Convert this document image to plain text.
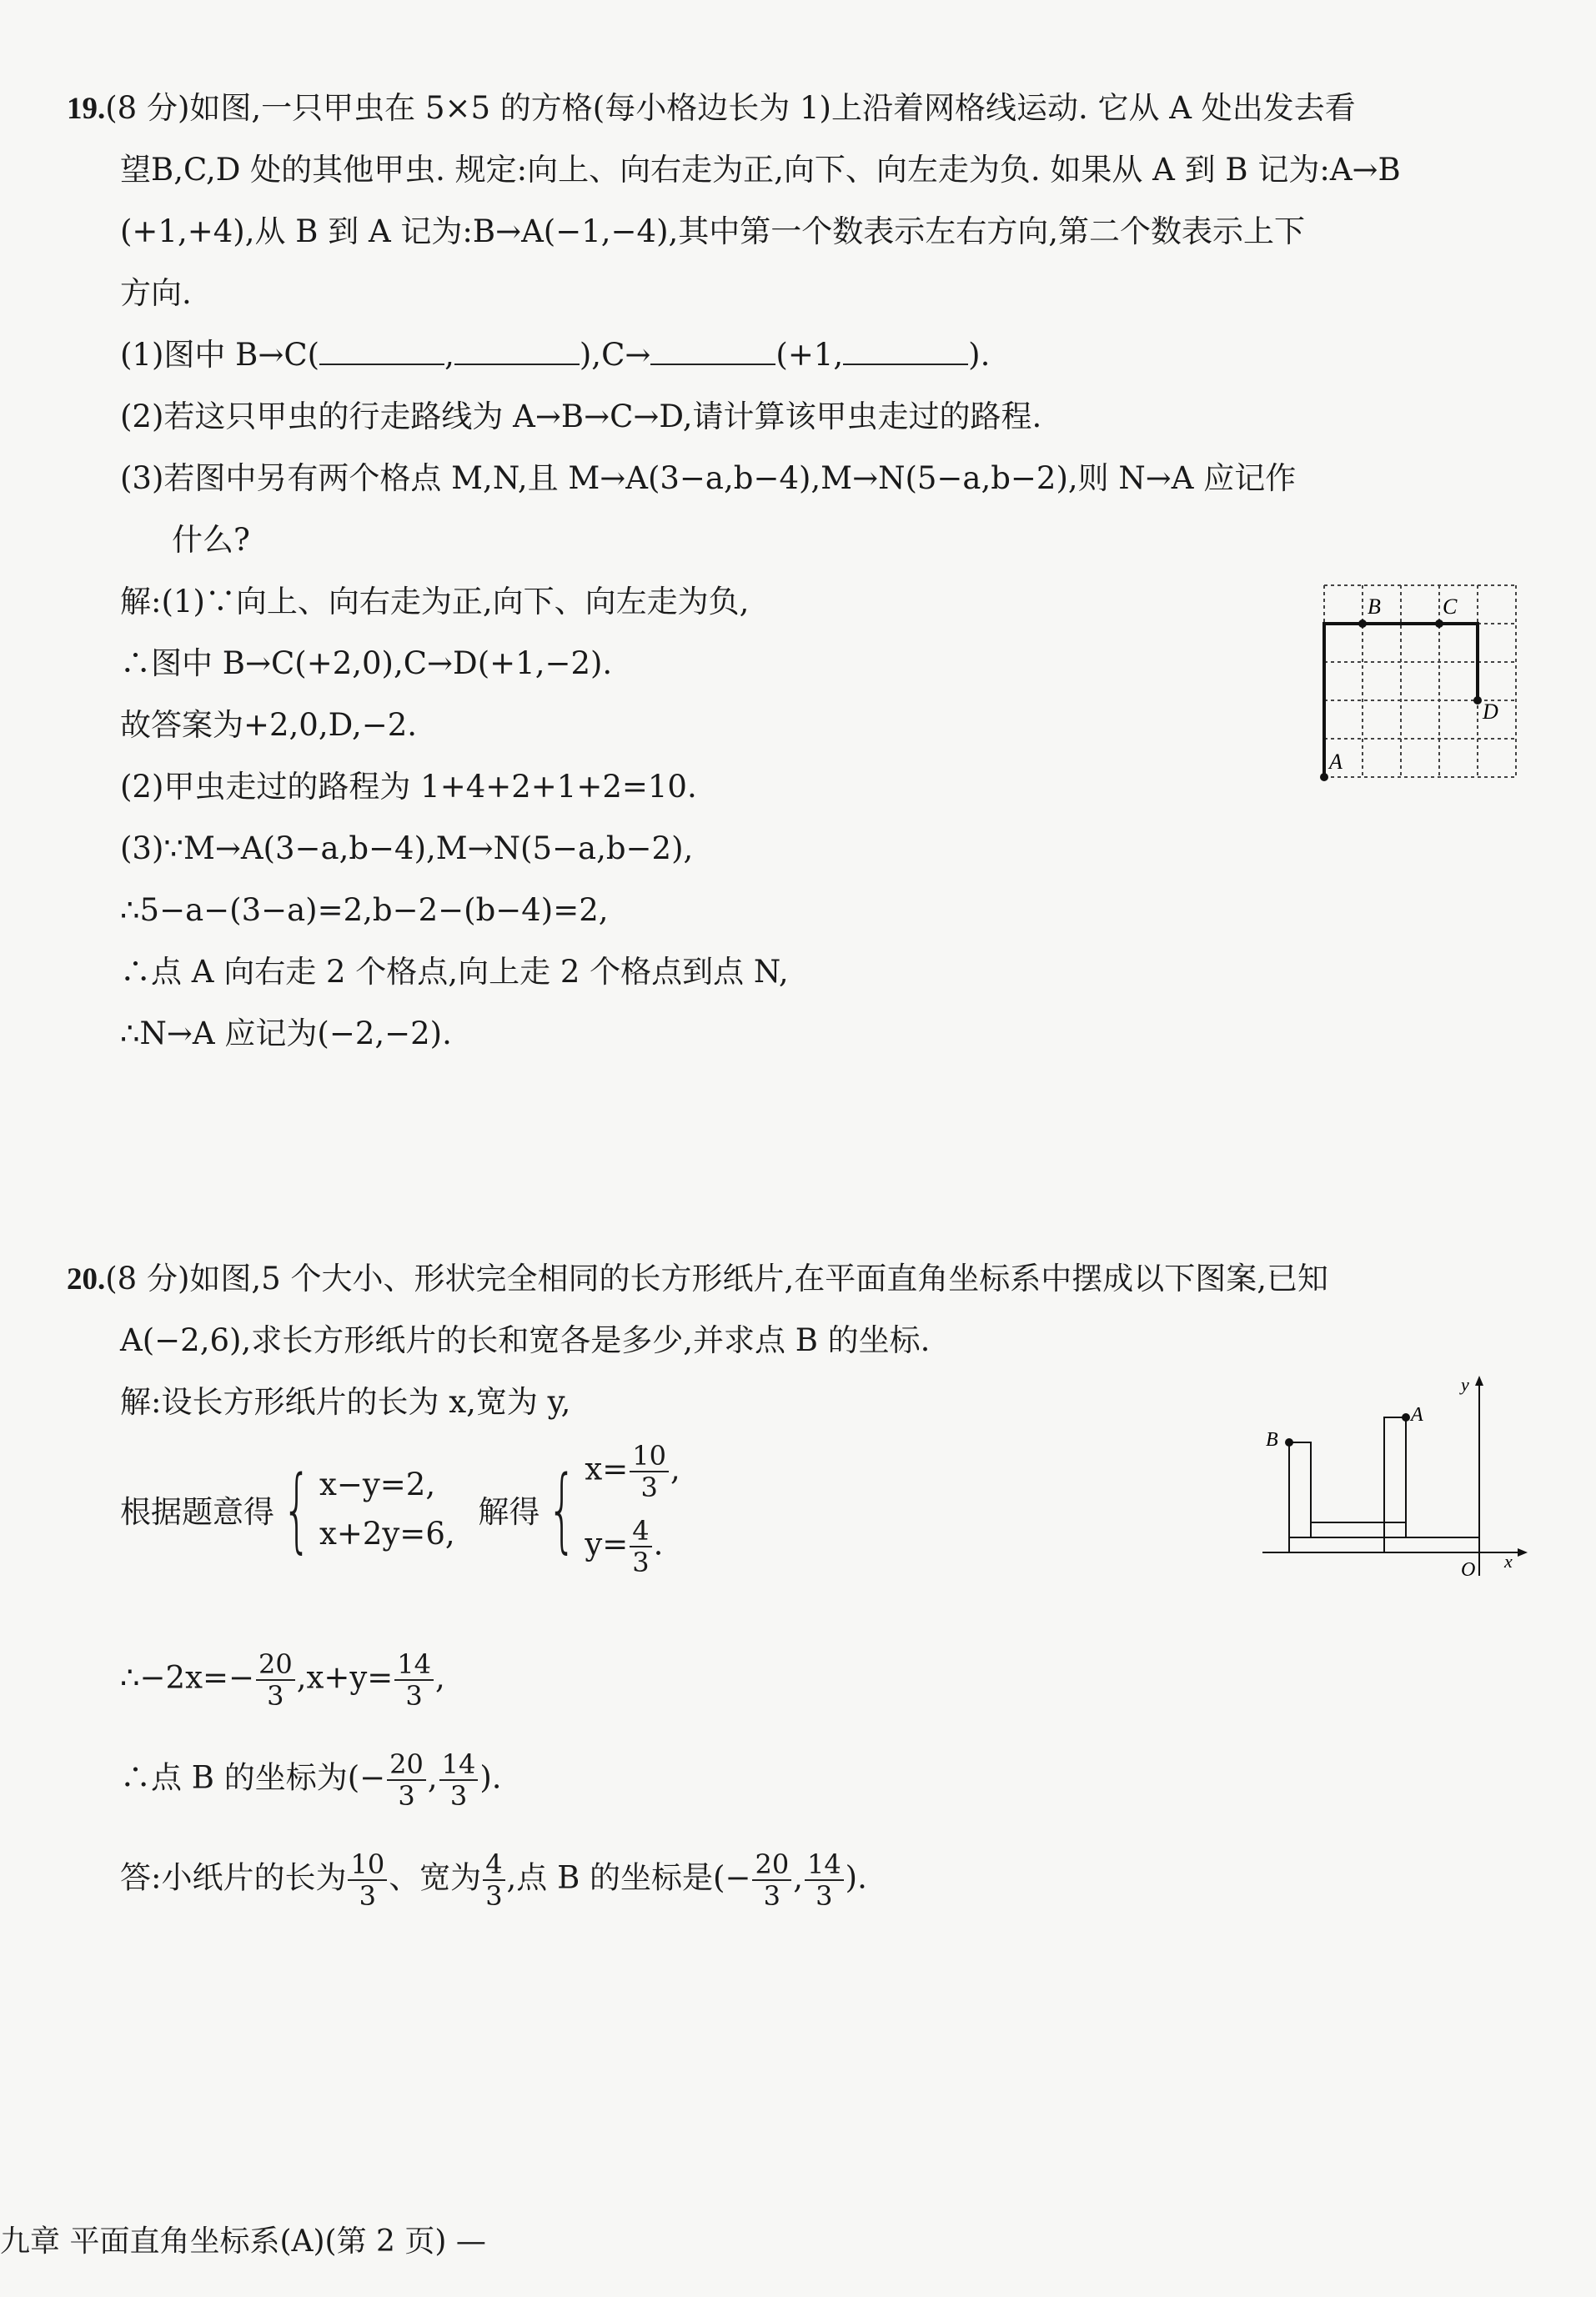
19.(8 分)如图,一只甲虫在 5×5 的方格(每小格边长为 1)上沿着网格线运动. 它从 A 处出发去看
望B,C,D 处的其他甲虫. 规定:向上、向右走为正,向下、向左走为负. 如果从 A 到 B 记为:A→B
(+1,+4),从 B 到 A 记为:B→A(−1,−4),其中第一个数表示左右方向,第二个数表示上下
方向.
(1)图中 B→C(	,	),C→	(+1,	).
(2)若这只甲虫的行走路线为 A→B→C→D,请计算该甲虫走过的路程.
(3)若图中另有两个格点 M,N,且 M→A(3−a,b−4),M→N(5−a,b−2),则 N→A 应记作
什么?
解:(1)∵向上、向右走为正,向下、向左走为负,
∴图中 B→C(+2,0),C→D(+1,−2).
故答案为+2,0,D,−2.
(2)甲虫走过的路程为 1+4+2+1+2=10.
(3)∵M→A(3−a,b−4),M→N(5−a,b−2),
∴5−a−(3−a)=2,b−2−(b−4)=2,
∴点 A 向右走 2 个格点,向上走 2 个格点到点 N,
∴N→A 应记为(−2,−2).
A
B	C
D
20.(8 分)如图,5 个大小、形状完全相同的长方形纸片,在平面直角坐标系中摆成以下图案,已知
A(−2,6),求长方形纸片的长和宽各是多少,并求点 B 的坐标.
解:设长方形纸片的长为 x,宽为 y,
根据题意得{ x−y=2,
x+2y=6,
解得{ $x= \frac{10}{3}$ ,
$y= \frac{4}{3}$ .
∴−2x=− $\frac{20}{3} ,x+y= \frac{14}{3}$ ,
∴点 B 的坐标为(− $\frac{20}{3}$ , $\frac{14}{3}$ ).
答:小纸片的长为 $\frac{10}{3}$ 、宽为 $\frac{4}{3}$ ,点 B 的坐标是(− $\frac{20}{3}$ , $\frac{14}{3}$ ).
B
A
O x
y
九章 平面直角坐标系(A)(第 2 页) —
